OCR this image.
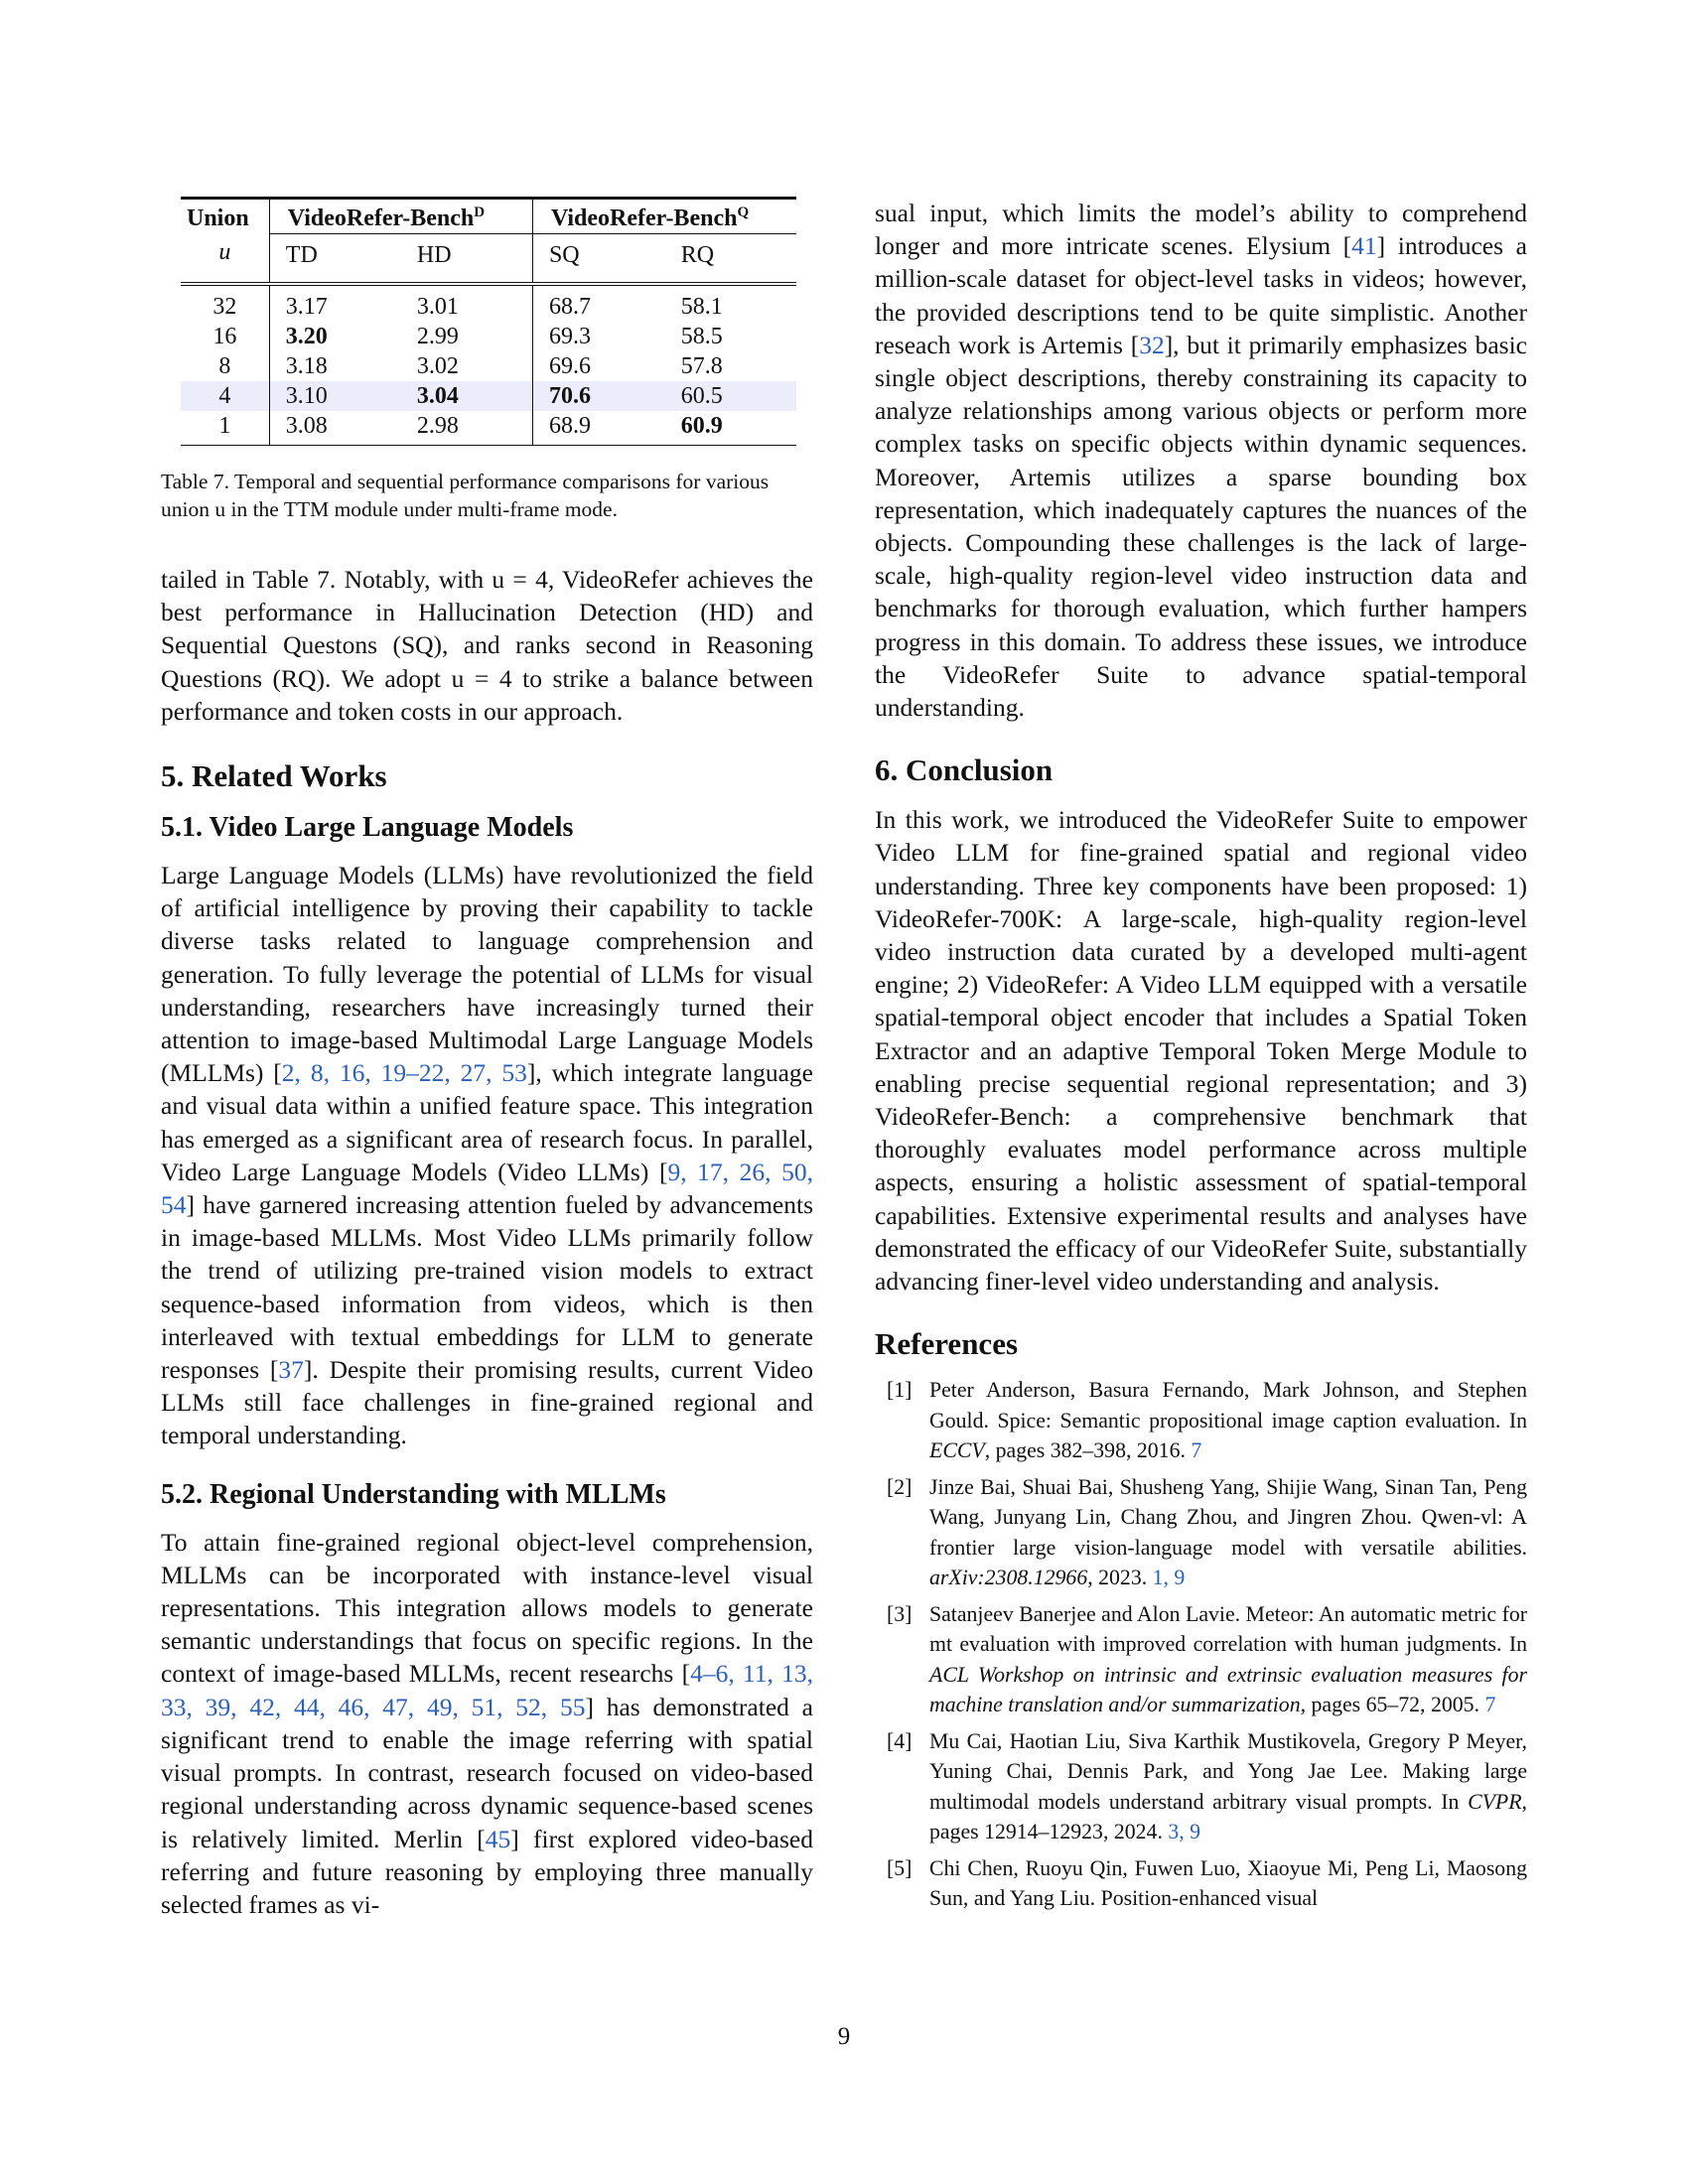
Union	VideoRefer-Bench$^D$		VideoRefer-Bench$^Q$
u	TD	HD	SQ	RQ
32	3.17	3.01	68.7	58.1
16	3.20	2.99	69.3	58.5
8	3.18	3.02	69.6	57.8
4	3.10	3.04	70.6	60.5
1	3.08	2.98	68.9	60.9

Table 7. Temporal and sequential performance comparisons for various union u in the TTM module under multi-frame mode.

tailed in Table 7. Notably, with u = 4, VideoRefer achieves the best performance in Hallucination Detection (HD) and Sequential Questons (SQ), and ranks second in Reasoning Questions (RQ). We adopt u = 4 to strike a balance between performance and token costs in our approach.

5. Related Works
5.1. Video Large Language Models

Large Language Models (LLMs) have revolutionized the field of artificial intelligence by proving their capability to tackle diverse tasks related to language comprehension and generation. To fully leverage the potential of LLMs for visual understanding, researchers have increasingly turned their attention to image-based Multimodal Large Language Models (MLLMs) [2, 8, 16, 19–22, 27, 53], which integrate language and visual data within a unified feature space. This integration has emerged as a significant area of research focus. In parallel, Video Large Language Models (Video LLMs) [9, 17, 26, 50, 54] have garnered increasing attention fueled by advancements in image-based MLLMs. Most Video LLMs primarily follow the trend of utilizing pre-trained vision models to extract sequence-based information from videos, which is then interleaved with textual embeddings for LLM to generate responses [37]. Despite their promising results, current Video LLMs still face challenges in fine-grained regional and temporal understanding.

5.2. Regional Understanding with MLLMs

To attain fine-grained regional object-level comprehension, MLLMs can be incorporated with instance-level visual representations. This integration allows models to generate semantic understandings that focus on specific regions. In the context of image-based MLLMs, recent researchs [4–6, 11, 13, 33, 39, 42, 44, 46, 47, 49, 51, 52, 55] has demonstrated a significant trend to enable the image referring with spatial visual prompts. In contrast, research focused on video-based regional understanding across dynamic sequence-based scenes is relatively limited. Merlin [45] first explored video-based referring and future reasoning by employing three manually selected frames as vi-

sual input, which limits the model’s ability to comprehend longer and more intricate scenes. Elysium [41] introduces a million-scale dataset for object-level tasks in videos; however, the provided descriptions tend to be quite simplistic. Another reseach work is Artemis [32], but it primarily emphasizes basic single object descriptions, thereby constraining its capacity to analyze relationships among various objects or perform more complex tasks on specific objects within dynamic sequences. Moreover, Artemis utilizes a sparse bounding box representation, which inadequately captures the nuances of the objects. Compounding these challenges is the lack of large-scale, high-quality region-level video instruction data and benchmarks for thorough evaluation, which further hampers progress in this domain. To address these issues, we introduce the VideoRefer Suite to advance spatial-temporal understanding.

6. Conclusion

In this work, we introduced the VideoRefer Suite to empower Video LLM for fine-grained spatial and regional video understanding. Three key components have been proposed: 1) VideoRefer-700K: A large-scale, high-quality region-level video instruction data curated by a developed multi-agent engine; 2) VideoRefer: A Video LLM equipped with a versatile spatial-temporal object encoder that includes a Spatial Token Extractor and an adaptive Temporal Token Merge Module to enabling precise sequential regional representation; and 3) VideoRefer-Bench: a comprehensive benchmark that thoroughly evaluates model performance across multiple aspects, ensuring a holistic assessment of spatial-temporal capabilities. Extensive experimental results and analyses have demonstrated the efficacy of our VideoRefer Suite, substantially advancing finer-level video understanding and analysis.

References
[1] Peter Anderson, Basura Fernando, Mark Johnson, and Stephen Gould. Spice: Semantic propositional image caption evaluation. In ECCV, pages 382–398, 2016. 7
[2] Jinze Bai, Shuai Bai, Shusheng Yang, Shijie Wang, Sinan Tan, Peng Wang, Junyang Lin, Chang Zhou, and Jingren Zhou. Qwen-vl: A frontier large vision-language model with versatile abilities. arXiv:2308.12966, 2023. 1, 9
[3] Satanjeev Banerjee and Alon Lavie. Meteor: An automatic metric for mt evaluation with improved correlation with human judgments. In ACL Workshop on intrinsic and extrinsic evaluation measures for machine translation and/or summarization, pages 65–72, 2005. 7
[4] Mu Cai, Haotian Liu, Siva Karthik Mustikovela, Gregory P Meyer, Yuning Chai, Dennis Park, and Yong Jae Lee. Making large multimodal models understand arbitrary visual prompts. In CVPR, pages 12914–12923, 2024. 3, 9
[5] Chi Chen, Ruoyu Qin, Fuwen Luo, Xiaoyue Mi, Peng Li, Maosong Sun, and Yang Liu. Position-enhanced visual
9
